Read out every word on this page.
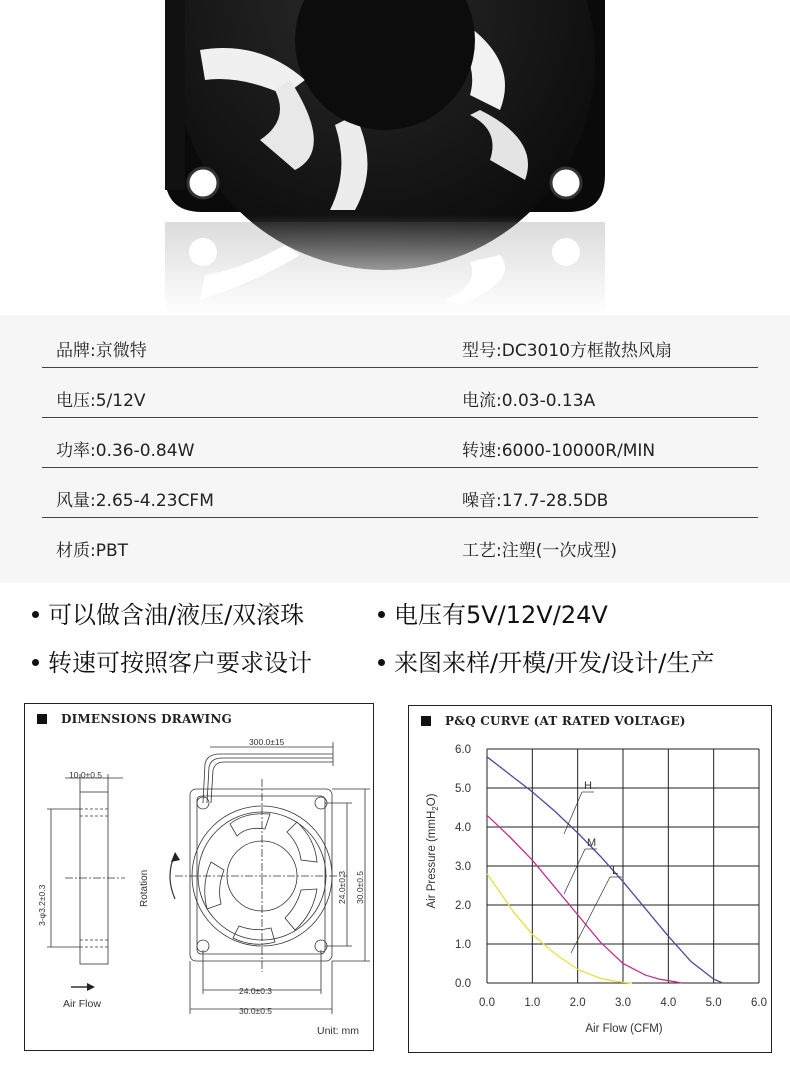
品牌:京微特	型号:DC3010方框散热风扇
电压:5/12V	电流:0.03-0.13A
功率:0.36-0.84W	转速:6000-10000R/MIN
风量:2.65-4.23CFM	噪音:17.7-28.5DB
材质:PBT	工艺:注塑(一次成型)
可以做含油/液压/双滚珠	电压有5V/12V/24V
转速可按照客户要求设计	来图来样/开模/开发/设计/生产
DIMENSIONS DRAWING
10.0±0.5
300.0±15
3-φ3.2±0.3	24.0±0.3 30.0±0.5
24.0±0.3
30.0±0.5
Rotation
Air Flow
Unit: mm
P&Q CURVE (AT RATED VOLTAGE)
0.0	1.0	2.0	3.0	4.0	5.0	6.0
0.0
1.0
2.0
3.0
4.0
5.0
6.0
H
M
L
Air Flow (CFM)
Air Pressure (mmH$_2$O)
